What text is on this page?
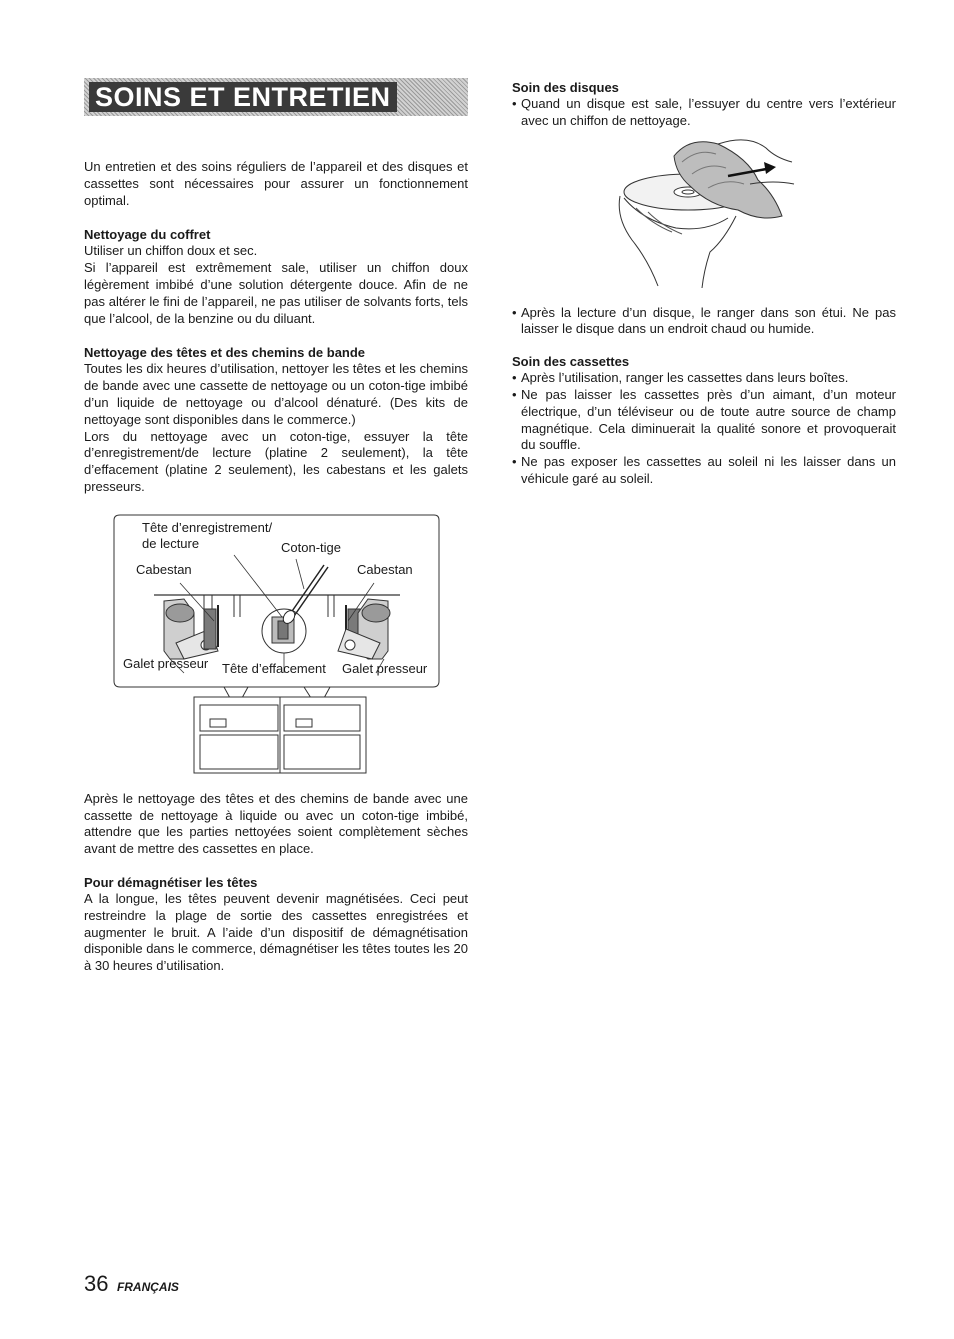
SOINS ET ENTRETIEN

Un entretien et des soins réguliers de l’appareil et des disques et cassettes sont nécessaires pour assurer un fonctionnement optimal.

Nettoyage du coffret

Utiliser un chiffon doux et sec.

Si l’appareil est extrêmement sale, utiliser un chiffon doux légèrement imbibé d’une solution détergente douce. Afin de ne pas altérer le fini de l’appareil, ne pas utiliser de solvants forts, tels que l’alcool, de la benzine ou du diluant.

Nettoyage des têtes et des chemins de bande

Toutes les dix heures d’utilisation, nettoyer les têtes et les chemins de bande avec une cassette de nettoyage ou un coton-tige imbibé d’un liquide de nettoyage ou d’alcool dénaturé. (Des kits de nettoyage sont disponibles dans le commerce.)

Lors du nettoyage avec un coton-tige, essuyer la tête d’enregistrement/de lecture (platine 2 seulement), la tête d’effacement (platine 2 seulement), les cabestans et les galets presseurs.

Tête d’enregistrement/
de lecture	Coton-tige
Cabestan	Cabestan
Galet presseur Tête d’effacement Galet presseur

Après le nettoyage des têtes et des chemins de bande avec une cassette de nettoyage à liquide ou avec un coton-tige imbibé, attendre que les parties nettoyées soient complètement sèches avant de mettre des cassettes en place.

Pour démagnétiser les têtes

A la longue, les têtes peuvent devenir magnétisées. Ceci peut restreindre la plage de sortie des cassettes enregistrées et augmenter le bruit. A l’aide d’un dispositif de démagnétisation disponible dans le commerce, démagnétiser les têtes toutes les 20 à 30 heures d’utilisation.

Soin des disques
• Quand un disque est sale, l’essuyer du centre vers l’extérieur avec un chiffon de nettoyage.
• Après la lecture d’un disque, le ranger dans son étui. Ne pas laisser le disque dans un endroit chaud ou humide.
Soin des cassettes
• Après l’utilisation, ranger les cassettes dans leurs boîtes.
• Ne pas laisser les cassettes près d’un aimant, d’un moteur électrique, d’un téléviseur ou de toute autre source de champ magnétique. Cela diminuerait la qualité sonore et provoquerait du souffle.
• Ne pas exposer les cassettes au soleil ni les laisser dans un véhicule garé au soleil.
36 FRANÇAIS
